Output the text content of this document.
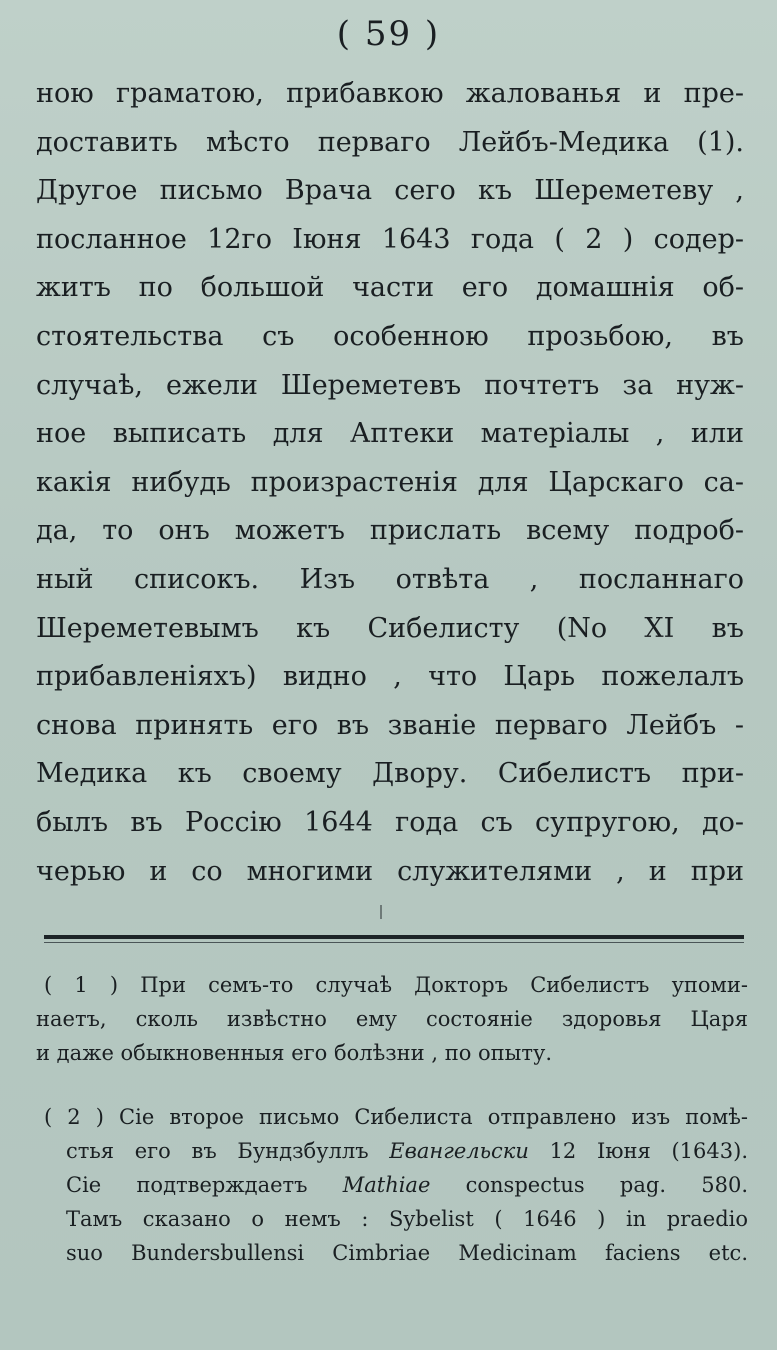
( 59 )
ною граматою, прибавкою жалованья и пре-
доставить мѣсто перваго Лейбъ-Медика (1).
Другое письмо Врача сего къ Шереметеву ,
посланное 12го Іюня 1643 года ( 2 ) содер-
житъ по большой части его домашнія об-
стоятельства съ особенною прозьбою, въ
случаѣ, ежели Шереметевъ почтетъ за нуж-
ное выписать для Аптеки матеріалы , или
какія нибудь произрастенія для Царскаго са-
да, то онъ можетъ прислать всему подроб-
ный списокъ. Изъ отвѣта , посланнаго
Шереметевымъ къ Сибелисту (No XI въ
прибавленіяхъ) видно , что Царь пожелалъ
снова принять его въ званіе перваго Лейбъ -
Медика къ своему Двору. Сибелистъ при-
былъ въ Россію 1644 года съ супругою, до-
черью и со многими служителями , и при
( 1 ) При семъ-то случаѣ Докторъ Сибелистъ упоми-
наетъ, сколь извѣстно ему состояніе здоровья Царя
и даже обыкновенныя его болѣзни , по опыту.
( 2 ) Сіе второе письмо Сибелиста отправлено изъ помѣ-
стья его въ Бундзбуллъ Евангельски 12 Іюня (1643).
Сіе подтверждаетъ Mathiae conspectus pag. 580.
Тамъ сказано о немъ : Sybelist ( 1646 ) in praedio
suo Bundersbullensi Cimbriae Medicinam faciens etc.
